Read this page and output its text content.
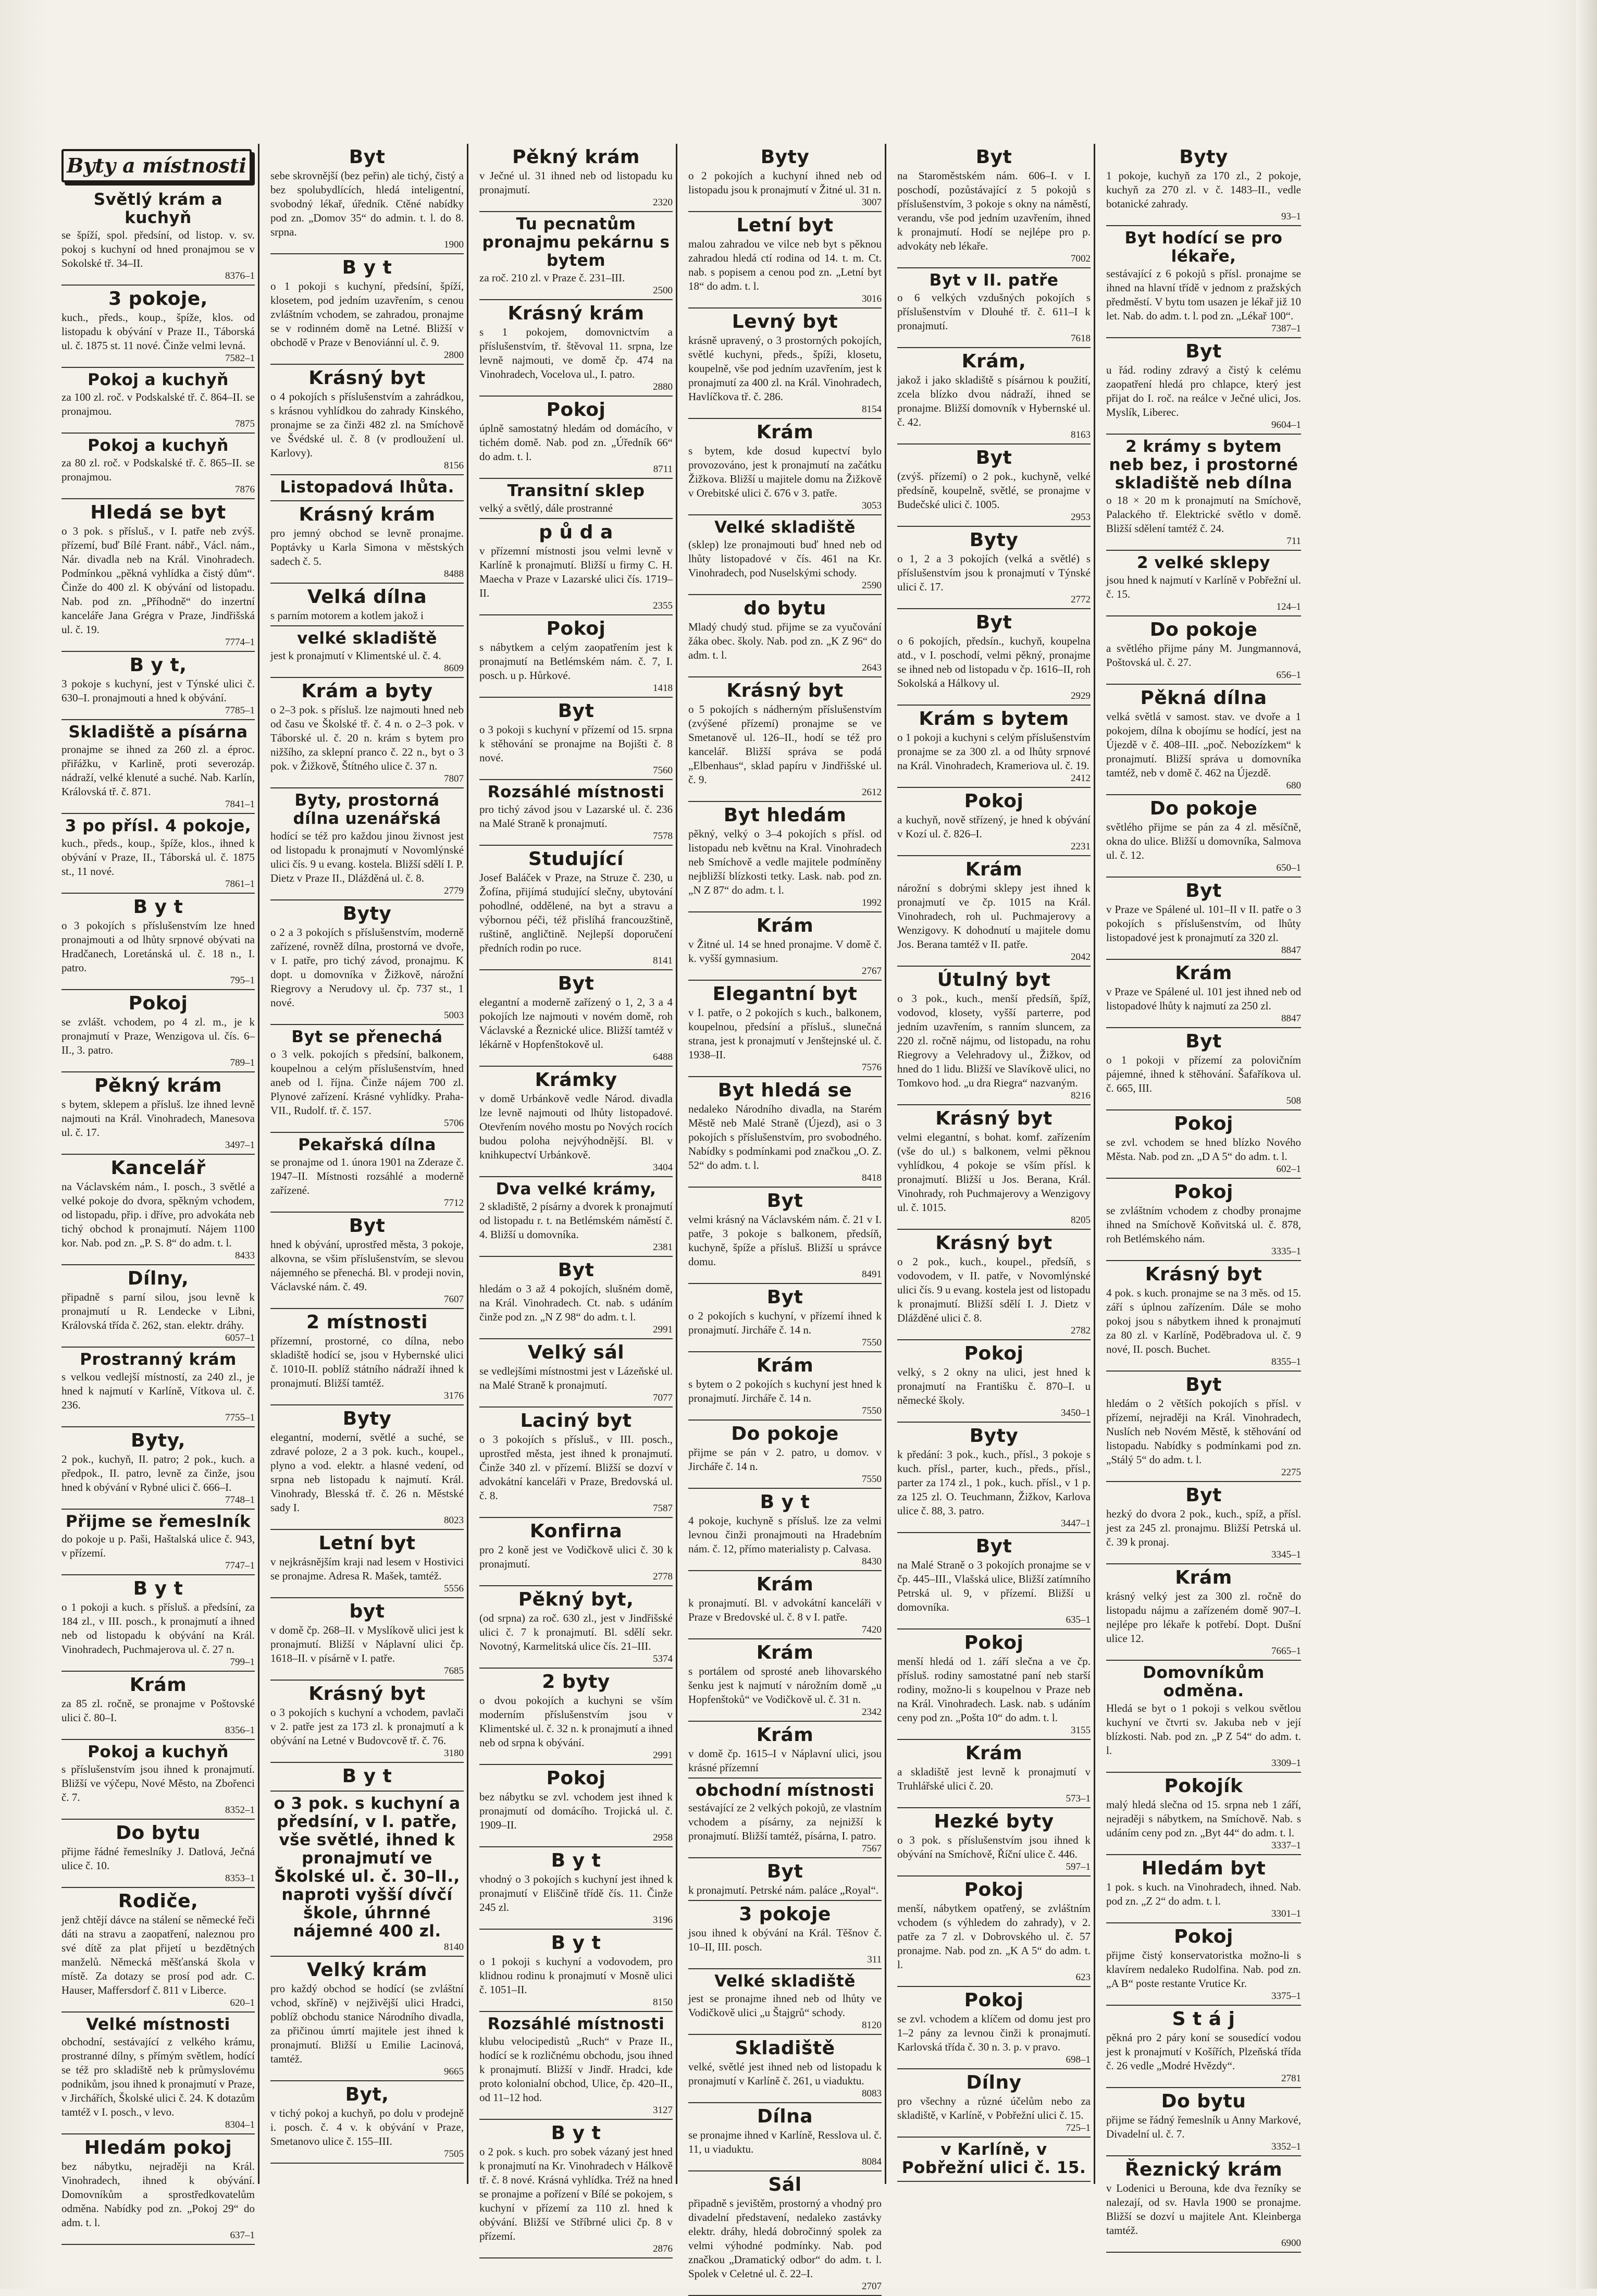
Byty a místnosti
Světlý krám a kuchyň

se špíží, spol. předsíní, od listop. v. sv. pokoj s kuchyní od hned pronajmou se v Sokolské tř. 34–II.

8376–1

3 pokoje,

kuch., předs., koup., špíže, klos. od listopadu k obývání v Praze II., Táborská ul. č. 1875 st. 11 nové. Činže velmi levná.

7582–1

Pokoj a kuchyň

za 100 zl. roč. v Podskalské tř. č. 864–II. se pronajmou.

7875

Pokoj a kuchyň

za 80 zl. roč. v Podskalské tř. č. 865–II. se pronajmou.

7876

Hledá se byt

o 3 pok. s přísluš., v I. patře neb zvýš. přízemí, buď Bílé Frant. nábř., Václ. nám., Nár. divadla neb na Král. Vinohradech. Podmínkou „pěkná vyhlídka a čistý dům“. Činže do 400 zl. K obývání od listopadu. Nab. pod zn. „Příhodně“ do inzertní kanceláře Jana Grégra v Praze, Jindřišská ul. č. 19.

7774–1

B y t,

3 pokoje s kuchyní, jest v Týnské ulici č. 630–I. pronajmouti a hned k obývání.

7785–1

Skladiště a písárna

pronajme se ihned za 260 zl. a éproc. přiřážku, v Karlině, proti severozáp. nádraží, velké klenuté a suché. Nab. Karlín, Královská tř. č. 871.

7841–1

3 po přísl. 4 pokoje,

kuch., předs., koup., špíže, klos., ihned k obývání v Praze, II., Táborská ul. č. 1875 st., 11 nové.

7861–1

B y t

o 3 pokojích s příslušenstvím lze hned pronajmouti a od lhůty srpnové obývati na Hradčanech, Loretánská ul. č. 18 n., I. patro.

795–1

Pokoj

se zvlášt. vchodem, po 4 zl. m., je k pronajmutí v Praze, Wenzigova ul. čís. 6–II., 3. patro.

789–1

Pěkný krám

s bytem, sklepem a přísluš. lze ihned levně najmouti na Král. Vinohradech, Manesova ul. č. 17.

3497–1

Kancelář

na Václavském nám., I. posch., 3 světlé a velké pokoje do dvora, spěkným vchodem, od listopadu, přip. i dříve, pro advokáta neb tichý obchod k pronajmutí. Nájem 1100 kor. Nab. pod zn. „P. S. 8“ do adm. t. l.

8433

Dílny,

připadně s parní silou, jsou levně k pronajmutí u R. Lendecke v Libni, Královská třída č. 262, stan. elektr. dráhy.

6057–1

Prostranný krám

s velkou vedlejší místností, za 240 zl., je hned k najmutí v Karlíně, Vítkova ul. č. 236.

7755–1

Byty,

2 pok., kuchyň, II. patro; 2 pok., kuch. a předpok., II. patro, levně za činže, jsou hned k obývání v Rybné ulici č. 666–I.

7748–1

Přijme se řemeslník

do pokoje u p. Paši, Haštalská ulice č. 943, v přízemí.

7747–1

B y t

o 1 pokoji a kuch. s přísluš. a předsíní, za 184 zl., v III. posch., k pronajmutí a ihned neb od listopadu k obývání na Král. Vinohradech, Puchmajerova ul. č. 27 n.

799–1

Krám

za 85 zl. ročně, se pronajme v Poštovské ulici č. 80–I.

8356–1

Pokoj a kuchyň

s příslušenstvím jsou ihned k pronajmutí. Bližší ve výčepu, Nové Město, na Zbořenci č. 7.

8352–1

Do bytu

přijme řádné řemeslníky J. Datlová, Ječná ulice č. 10.

8353–1

Rodiče,

jenž chtějí dávce na stálení se německé řeči dáti na stravu a zaopatření, naleznou pro své dítě za plat přijetí u bezdětných manželů. Německá měšťanská škola v místě. Za dotazy se prosí pod adr. C. Hauser, Maffersdorf č. 811 v Liberce.

620–1

Velké místnosti

obchodní, sestávající z velkého krámu, prostranné dílny, s přímým světlem, hodící se též pro skladiště neb k průmyslovému podnikům, jsou ihned k pronajmutí v Praze, v Jirchářích, Školské ulici č. 24. K dotazům tamtéž v I. posch., v levo.

8304–1

Hledám pokoj

bez nábytku, nejraději na Král. Vinohradech, ihned k obývání. Domovníkům a sprostředkovatelům odměna. Nabídky pod zn. „Pokoj 29“ do adm. t. l.

637–1

Byt

sebe skrovnější (bez peřin) ale tichý, čistý a bez spolubydlících, hledá inteligentní, svobodný lékař, úředník. Ctěné nabídky pod zn. „Domov 35“ do admin. t. l. do 8. srpna.

1900

B y t

o 1 pokoji s kuchyní, předsíní, špíží, klosetem, pod jedním uzavřením, s cenou zvláštním vchodem, se zahradou, pronajme se v rodinném domě na Letné. Bližší v obchodě v Praze v Benoviánní ul. č. 9.

2800

Krásný byt

o 4 pokojích s příslušenstvím a zahrádkou, s krásnou vyhlídkou do zahrady Kinského, pronajme se za činži 482 zl. na Smíchově ve Švédské ul. č. 8 (v prodloužení ul. Karlovy).

8156

Listopadová lhůta.
Krásný krám

pro jemný obchod se levně pronajme. Poptávky u Karla Simona v městských sadech č. 5.

8488

Velká dílna

s parním motorem a kotlem jakož i

velké skladiště

jest k pronajmutí v Klimentské ul. č. 4.

8609

Krám a byty

o 2–3 pok. s přísluš. lze najmouti hned neb od času ve Školské tř. č. 4 n. o 2–3 pok. v Táborské ul. č. 20 n. krám s bytem pro nižšího, za sklepní pranco č. 22 n., byt o 3 pok. v Žižkově, Štítného ulice č. 37 n.

7807

Byty, prostorná dílna uzenářská

hodící se též pro každou jinou živnost jest od listopadu k pronajmutí v Novomlýnské ulici čís. 9 u evang. kostela. Bližší sdělí I. P. Dietz v Praze II., Dlážděná ul. č. 8.

2779

Byty

o 2 a 3 pokojích s příslušenstvím, moderně zařízené, rovněž dílna, prostorná ve dvoře, v I. patře, pro tichý závod, pronajmu. K dopt. u domovníka v Žižkově, nárožní Riegrovy a Nerudovy ul. čp. 737 st., 1 nové.

5003

Byt se přenechá

o 3 velk. pokojích s předsíní, balkonem, koupelnou a celým příslušenstvím, hned aneb od l. října. Činže nájem 700 zl. Plynové zařízení. Krásné vyhlídky. Praha-VII., Rudolf. tř. č. 157.

5706

Pekařská dílna

se pronajme od 1. února 1901 na Zderaze č. 1947–II. Místnosti rozsáhlé a moderně zařízené.

7712

Byt

hned k obývání, uprostřed města, 3 pokoje, alkovna, se všim příslušenstvím, se slevou nájemného se přenechá. Bl. v prodeji novin, Václavské nám. č. 49.

7607

2 místnosti

přízemní, prostorné, co dílna, nebo skladiště hodící se, jsou v Hybernské ulici č. 1010-II. poblíž státního nádraží ihned k pronajmutí. Bližší tamtéž.

3176

Byty

elegantní, moderní, světlé a suché, se zdravé poloze, 2 a 3 pok. kuch., koupel., plyno a vod. elektr. a hlasné vedení, od srpna neb listopadu k najmutí. Král. Vinohrady, Blesská tř. č. 26 n. Městské sady I.

8023

Letní byt

v nejkrásnějším kraji nad lesem v Hostivici se pronajme. Adresa R. Mašek, tamtéž.

5556

byt

v domě čp. 268–II. v Myslíkově ulici jest k pronajmutí. Bližší v Náplavní ulici čp. 1618–II. v písárně v I. patře.

7685

Krásný byt

o 3 pokojích s kuchyní a vchodem, pavlači v 2. patře jest za 173 zl. k pronajmutí a k obývání na Letné v Budovcově tř. č. 76.

3180

B y t
o 3 pok. s kuchyní a předsíní, v I. patře, vše světlé, ihned k pronajmutí ve Školské ul. č. 30–II., naproti vyšší dívčí škole, úhrnné nájemné 400 zl.

8140

Velký krám

pro každý obchod se hodící (se zvláštní vchod, skříně) v nejživější ulici Hradci, poblíž obchodu stanice Národního divadla, za přičinou úmrtí majitele jest ihned k pronajmutí. Bližší u Emilie Lacinová, tamtéž.

9665

Byt,

v tichý pokoj a kuchyň, po dolu v prodejně i. posch. č. 4 v. k obývání v Praze, Smetanovo ulice č. 155–III.

7505

Pěkný krám

v Ječné ul. 31 ihned neb od listopadu ku pronajmutí.

2320

Tu pecnatům pronajmu pekárnu s bytem

za roč. 210 zl. v Praze č. 231–III.

2500

Krásný krám

s 1 pokojem, domovnictvím a příslušenstvím, tř. štěvoval 11. srpna, lze levně najmouti, ve domě čp. 474 na Vinohradech, Vocelova ul., I. patro.

2880

Pokoj

úplně samostatný hledám od domácího, v tichém domě. Nab. pod zn. „Úředník 66“ do adm. t. l.

8711

Transitní sklep

velký a světlý, dále prostranné

p ů d a

v přízemní místnosti jsou velmi levně v Karlíně k pronajmutí. Bližší u firmy C. H. Maecha v Praze v Lazarské ulici čís. 1719–II.

2355

Pokoj

s nábytkem a celým zaopatřením jest k pronajmutí na Betlémském nám. č. 7, I. posch. u p. Hůrkové.

1418

Byt

o 3 pokoji s kuchyní v přízemí od 15. srpna k stěhování se pronajme na Bojišti č. 8 nové.

7560

Rozsáhlé místnosti

pro tichý závod jsou v Lazarské ul. č. 236 na Malé Straně k pronajmutí.

7578

Studující

Josef Baláček v Praze, na Struze č. 230, u Žofína, přijímá studující slečny, ubytování pohodlné, oddělené, na byt a stravu a výbornou péči, též přislíhá francouzštině, ruštině, angličtině. Nejlepší doporučení předních rodin po ruce.

8141

Byt

elegantní a moderně zařízený o 1, 2, 3 a 4 pokojích lze najmouti v novém domě, roh Václavské a Řeznické ulice. Bližší tamtéž v lékárně v Hopfenštokově ul.

6488

Krámky

v domě Urbánkově vedle Národ. divadla lze levně najmouti od lhůty listopadové. Otevřením nového mostu po Nových rocích budou poloha nejvýhodnější. Bl. v knihkupectví Urbánkově.

3404

Dva velké krámy,

2 skladiště, 2 písárny a dvorek k pronajmutí od listopadu r. t. na Betlémském náměstí č. 4. Bližší u domovníka.

2381

Byt

hledám o 3 až 4 pokojích, slušném domě, na Král. Vinohradech. Ct. nab. s udáním činže pod zn. „N Z 98“ do adm. t. l.

2991

Velký sál

se vedlejšími místnostmi jest v Lázeňské ul. na Malé Straně k pronajmutí.

7077

Laciný byt

o 3 pokojích s přísluš., v III. posch., uprostřed města, jest ihned k pronajmutí. Činže 340 zl. v přízemí. Bližší se dozví v advokátní kanceláři v Praze, Bredovská ul. č. 8.

7587

Konfirna

pro 2 koně jest ve Vodičkově ulici č. 30 k pronajmutí.

2778

Pěkný byt,

(od srpna) za roč. 630 zl., jest v Jindřišské ulici č. 7 k pronajmutí. Bl. sdělí sekr. Novotný, Karmelitská ulice čís. 21–III.

5374

2 byty

o dvou pokojích a kuchyni se vším moderním příslušenstvím jsou v Klimentské ul. č. 32 n. k pronajmutí a ihned neb od srpna k obývání.

2991

Pokoj

bez nábytku se zvl. vchodem jest ihned k pronajmutí od domácího. Trojická ul. č. 1909–II.

2958

B y t

vhodný o 3 pokojích s kuchyní jest ihned k pronajmutí v Eliščině třídě čís. 11. Činže 245 zl.

3196

B y t

o 1 pokoji s kuchyní a vodovodem, pro klidnou rodinu k pronajmutí v Mosně ulici č. 1051–II.

8150

Rozsáhlé místnosti

klubu velocipedistů „Ruch“ v Praze II., hodící se k rozličnému obchodu, jsou ihned k pronajmutí. Bližší v Jindř. Hradci, kde proto kolonialní obchod, Ulice, čp. 420–II., od 11–12 hod.

3127

B y t

o 2 pok. s kuch. pro sobek vázaný jest hned k pronajmutí na Kr. Vinohradech v Hálkově tř. č. 8 nové. Krásná vyhlídka. Tréž na hned se pronajme a pořízení v Bílé se pokojem, s kuchyní v přízemí za 110 zl. hned k obývání. Bližší ve Stříbrné ulici čp. 8 v přízemí.

2876

Byty

o 2 pokojích a kuchyní ihned neb od listopadu jsou k pronajmutí v Žitné ul. 31 n.

3007

Letní byt

malou zahradou ve vilce neb byt s pěknou zahradou hledá ctí rodina od 14. t. m. Ct. nab. s popisem a cenou pod zn. „Letní byt 18“ do adm. t. l.

3016

Levný byt

krásně upravený, o 3 prostorných pokojích, světlé kuchyni, předs., špíži, klosetu, koupelně, vše pod jedním uzavřením, jest k pronajmutí za 400 zl. na Král. Vinohradech, Havlíčkova tř. č. 286.

8154

Krám

s bytem, kde dosud kupectví bylo provozováno, jest k pronajmutí na začátku Žižkova. Bližší u majitele domu na Žižkově v Orebitské ulici č. 676 v 3. patře.

3053

Velké skladiště

(sklep) lze pronajmouti buď hned neb od lhůty listopadové v čís. 461 na Kr. Vinohradech, pod Nuselskými schody.

2590

do bytu

Mladý chudý stud. přijme se za vyučování žáka obec. školy. Nab. pod zn. „K Z 96“ do adm. t. l.

2643

Krásný byt

o 5 pokojích s nádherným příslušenstvím (zvýšené přízemí) pronajme se ve Smetanově ul. 126–II., hodí se též pro kancelář. Bližší správa se podá „Elbenhaus“, sklad papíru v Jindřišské ul. č. 9.

2612

Byt hledám

pěkný, velký o 3–4 pokojích s přísl. od listopadu neb květnu na Kral. Vinohradech neb Smíchově a vedle majitele podmíněny nejbližší blízkosti tetky. Lask. nab. pod zn. „N Z 87“ do adm. t. l.

1992

Krám

v Žitné ul. 14 se hned pronajme. V domě č. k. vyšší gymnasium.

2767

Elegantní byt

v I. patře, o 2 pokojích s kuch., balkonem, koupelnou, předsíní a přísluš., slunečná strana, jest k pronajmutí v Jenštejnské ul. č. 1938–II.

7576

Byt hledá se

nedaleko Národního divadla, na Starém Městě neb Malé Straně (Újezd), asi o 3 pokojích s příslušenstvím, pro svobodného. Nabídky s podmínkami pod značkou „O. Z. 52“ do adm. t. l.

8418

Byt

velmi krásný na Václavském nám. č. 21 v I. patře, 3 pokoje s balkonem, předsíň, kuchyně, špíže a přísluš. Bližší u správce domu.

8491

Byt

o 2 pokojích s kuchyní, v přízemí ihned k pronajmutí. Jircháře č. 14 n.

7550

Krám

s bytem o 2 pokojích s kuchyní jest hned k pronajmutí. Jircháře č. 14 n.

7550

Do pokoje

přijme se pán v 2. patro, u domov. v Jircháře č. 14 n.

7550

B y t

4 pokoje, kuchyně s přísluš. lze za velmi levnou činži pronajmouti na Hradebním nám. č. 12, přímo materialisty p. Calvasa.

8430

Krám

k pronajmutí. Bl. v advokátní kanceláři v Praze v Bredovské ul. č. 8 v I. patře.

7420

Krám

s portálem od sprosté aneb lihovarského šenku jest k najmutí v nárožním domě „u Hopfenštoků“ ve Vodičkově ul. č. 31 n.

2342

Krám

v domě čp. 1615–I v Náplavní ulici, jsou krásné přízemní

obchodní místnosti

sestávající ze 2 velkých pokojů, ze vlastním vchodem a písárny, za nejnižší k pronajmutí. Bližší tamtéž, písárna, I. patro.

7567

Byt

k pronajmutí. Petrské nám. paláce „Royal“.

3 pokoje

jsou ihned k obývání na Král. Těšnov č. 10–II, III. posch.

311

Velké skladiště

jest se pronajme ihned neb od lhůty ve Vodičkově ulici „u Štajgrů“ schody.

8120

Skladiště

velké, světlé jest ihned neb od listopadu k pronajmutí v Karlíně č. 261, u viaduktu.

8083

Dílna

se pronajme ihned v Karlíně, Resslova ul. č. 11, u viaduktu.

8084

Sál

připadně s jevištěm, prostorný a vhodný pro divadelní představení, nedaleko zastávky elektr. dráhy, hledá dobročinný spolek za velmi výhodné podmínky. Nab. pod značkou „Dramatický odbor“ do adm. t. l. Spolek v Celetné ul. č. 22–I.

2707

Byt

na Staroměstském nám. 606–I. v I. poschodí, pozůstávající z 5 pokojů s příslušenstvím, 3 pokoje s okny na náměstí, verandu, vše pod jedním uzavřením, ihned k pronajmutí. Hodí se nejlépe pro p. advokáty neb lékaře.

7002

Byt v II. patře

o 6 velkých vzdušných pokojích s příslušenstvím v Dlouhé tř. č. 611–I k pronajmutí.

7618

Krám,

jakož i jako skladiště s písárnou k použití, zcela blízko dvou nádraží, ihned se pronajme. Bližší domovník v Hybernské ul. č. 42.

8163

Byt

(zvýš. přízemí) o 2 pok., kuchyně, velké předsíně, koupelně, světlé, se pronajme v Budečské ulici č. 1005.

2953

Byty

o 1, 2 a 3 pokojích (velká a světlé) s příslušenstvím jsou k pronajmutí v Týnské ulici č. 17.

2772

Byt

o 6 pokojích, předsín., kuchyň, koupelna atd., v I. poschodí, velmi pěkný, pronajme se ihned neb od listopadu v čp. 1616–II, roh Sokolská a Hálkovy ul.

2929

Krám s bytem

o 1 pokoji a kuchyni s celým příslušenstvím pronajme se za 300 zl. a od lhůty srpnové na Král. Vinohradech, Krameriova ul. č. 19.

2412

Pokoj

a kuchyň, nově střízený, je hned k obývání v Kozí ul. č. 826–I.

2231

Krám

nárožní s dobrými sklepy jest ihned k pronajmutí ve čp. 1015 na Král. Vinohradech, roh ul. Puchmajerovy a Wenzigovy. K dohodnutí u majitele domu Jos. Berana tamtéž v II. patře.

2042

Útulný byt

o 3 pok., kuch., menší předsíň, špíž, vodovod, klosety, vyšší parterre, pod jedním uzavřením, s ranním sluncem, za 220 zl. ročně nájmu, od listopadu, na rohu Riegrovy a Velehradovy ul., Žižkov, od hned do 1 lidu. Bližší ve Slavíkově ulici, no Tomkovo hod. „u dra Riegra“ nazvaným.

8216

Krásný byt

velmi elegantní, s bohat. komf. zařízením (vše do ul.) s balkonem, velmi pěknou vyhlídkou, 4 pokoje se vším přísl. k pronajmutí. Bližší u Jos. Berana, Král. Vinohrady, roh Puchmajerovy a Wenzigovy ul. č. 1015.

8205

Krásný byt

o 2 pok., kuch., koupel., předsíň, s vodovodem, v II. patře, v Novomlýnské ulici čís. 9 u evang. kostela jest od listopadu k pronajmutí. Bližší sdělí I. J. Dietz v Dlážděné ulici č. 8.

2782

Pokoj

velký, s 2 okny na ulici, jest hned k pronajmutí na Františku č. 870–I. u německé školy.

3450–1

Byty

k předání: 3 pok., kuch., přísl., 3 pokoje s kuch. přísl., parter, kuch., předs., přísl., parter za 174 zl., 1 pok., kuch. přísl., v 1 p. za 125 zl. O. Teuchmann, Žižkov, Karlova ulice č. 88, 3. patro.

3447–1

Byt

na Malé Straně o 3 pokojích pronajme se v čp. 445–III., Vlašská ulice, Bližší zatímního Petrská ul. 9, v přízemí. Bližší u domovníka.

635–1

Pokoj

menší hledá od 1. září slečna a ve čp. přísluš. rodiny samostatné paní neb starší rodiny, možno-li s koupelnou v Praze neb na Král. Vinohradech. Lask. nab. s udáním ceny pod zn. „Pošta 10“ do adm. t. l.

3155

Krám

a skladiště jest levně k pronajmutí v Truhlářské ulici č. 20.

573–1

Hezké byty

o 3 pok. s příslušenstvím jsou ihned k obývání na Smíchově, Říční ulice č. 446.

597–1

Pokoj

menší, nábytkem opatřený, se zvláštním vchodem (s výhledem do zahrady), v 2. patře za 7 zl. v Dobrovského ul. č. 57 pronajme. Nab. pod zn. „K A 5“ do adm. t. l.

623

Pokoj

se zvl. vchodem a klíčem od domu jest pro 1–2 pány za levnou činži k pronajmutí. Karlovská třída č. 30 n. 3. p. v pravo.

698–1

Dílny

pro všechny a různé účelům nebo za skladiště, v Karlíně, v Pobřežní ulici č. 15.

725–1

v Karlíně, v Pobřežní ulici č. 15.
Byty

1 pokoje, kuchyň za 170 zl., 2 pokoje, kuchyň za 270 zl. v č. 1483–II., vedle botanické zahrady.

93–1

Byt hodící se pro lékaře,

sestávající z 6 pokojů s přísl. pronajme se ihned na hlavní třídě v jednom z pražských předměstí. V bytu tom usazen je lékař již 10 let. Nab. do adm. t. l. pod zn. „Lékař 100“.

7387–1

Byt

u řád. rodiny zdravý a čistý k celému zaopatření hledá pro chlapce, který jest přijat do I. roč. na reálce v Ječné ulici, Jos. Myslík, Liberec.

9604–1

2 krámy s bytem neb bez, i prostorné skladiště neb dílna

o 18 × 20 m k pronajmutí na Smíchově, Palackého tř. Elektrické světlo v domě. Bližší sdělení tamtéž č. 24.

711

2 velké sklepy

jsou hned k najmutí v Karlíně v Pobřežní ul. č. 15.

124–1

Do pokoje

a světlého přijme pány M. Jungmannová, Poštovská ul. č. 27.

656–1

Pěkná dílna

velká světlá v samost. stav. ve dvoře a 1 pokojem, dílna k obojímu se hodící, jest na Újezdě v č. 408–III. „poč. Nebozízkem“ k pronajmutí. Bližší správa u domovníka tamtéž, neb v domě č. 462 na Újezdě.

680

Do pokoje

světlého přijme se pán za 4 zl. měsíčně, okna do ulice. Bližší u domovníka, Salmova ul. č. 12.

650–1

Byt

v Praze ve Spálené ul. 101–II v II. patře o 3 pokojích s příslušenstvím, od lhůty listopadové jest k pronajmutí za 320 zl.

8847

Krám

v Praze ve Spálené ul. 101 jest ihned neb od listopadové lhůty k najmutí za 250 zl.

8847

Byt

o 1 pokoji v přízemí za polovičním pájemné, ihned k stěhování. Šafaříkova ul. č. 665, III.

508

Pokoj

se zvl. vchodem se hned blízko Nového Města. Nab. pod zn. „D A 5“ do adm. t. l.

602–1

Pokoj

se zvláštním vchodem z chodby pronajme ihned na Smíchově Koňvitská ul. č. 878, roh Betlémského nám.

3335–1

Krásný byt

4 pok. s kuch. pronajme se na 3 měs. od 15. září s úplnou zařízením. Dále se moho pokoj jsou s nábytkem ihned k pronajmutí za 80 zl. v Karlíně, Poděbradova ul. č. 9 nové, II. posch. Buchet.

8355–1

Byt

hledám o 2 větších pokojích s přísl. v přízemí, nejraději na Král. Vinohradech, Nuslích neb Novém Městě, k stěhování od listopadu. Nabídky s podmínkami pod zn. „Stálý 5“ do adm. t. l.

2275

Byt

hezký do dvora 2 pok., kuch., spíž, a přísl. jest za 245 zl. pronajmu. Bližší Petrská ul. č. 39 k pronaj.

3345–1

Krám

krásný velký jest za 300 zl. ročně do listopadu nájmu a zařízeném domě 907–I. nejlépe pro lékaře k potřebí. Dopt. Dušní ulice 12.

7665–1

Domovníkům odměna.

Hledá se byt o 1 pokoji s velkou světlou kuchyní ve čtvrti sv. Jakuba neb v její blízkosti. Nab. pod zn. „P Z 54“ do adm. t. l.

3309–1

Pokojík

malý hledá slečna od 15. srpna neb 1 září, nejraději s nábytkem, na Smíchově. Nab. s udáním ceny pod zn. „Byt 44“ do adm. t. l.

3337–1

Hledám byt

1 pok. s kuch. na Vinohradech, ihned. Nab. pod zn. „Z 2“ do adm. t. l.

3301–1

Pokoj

přijme čistý konservatoristka možno-li s klavírem nedaleko Rudolfina. Nab. pod zn. „A B“ poste restante Vrutice Kr.

3375–1

S t á j

pěkná pro 2 páry koní se sousedící vodou jest k pronajmutí v Košířích, Plzeňská třída č. 26 vedle „Modré Hvězdy“.

2781

Do bytu

přijme se řádný řemeslník u Anny Markové, Divadelní ul. č. 7.

3352–1

Řeznický krám

v Lodenici u Berouna, kde dva řezníky se nalezají, od sv. Havla 1900 se pronajme. Bližší se dozví u majitele Ant. Kleinberga tamtéž.

6900
